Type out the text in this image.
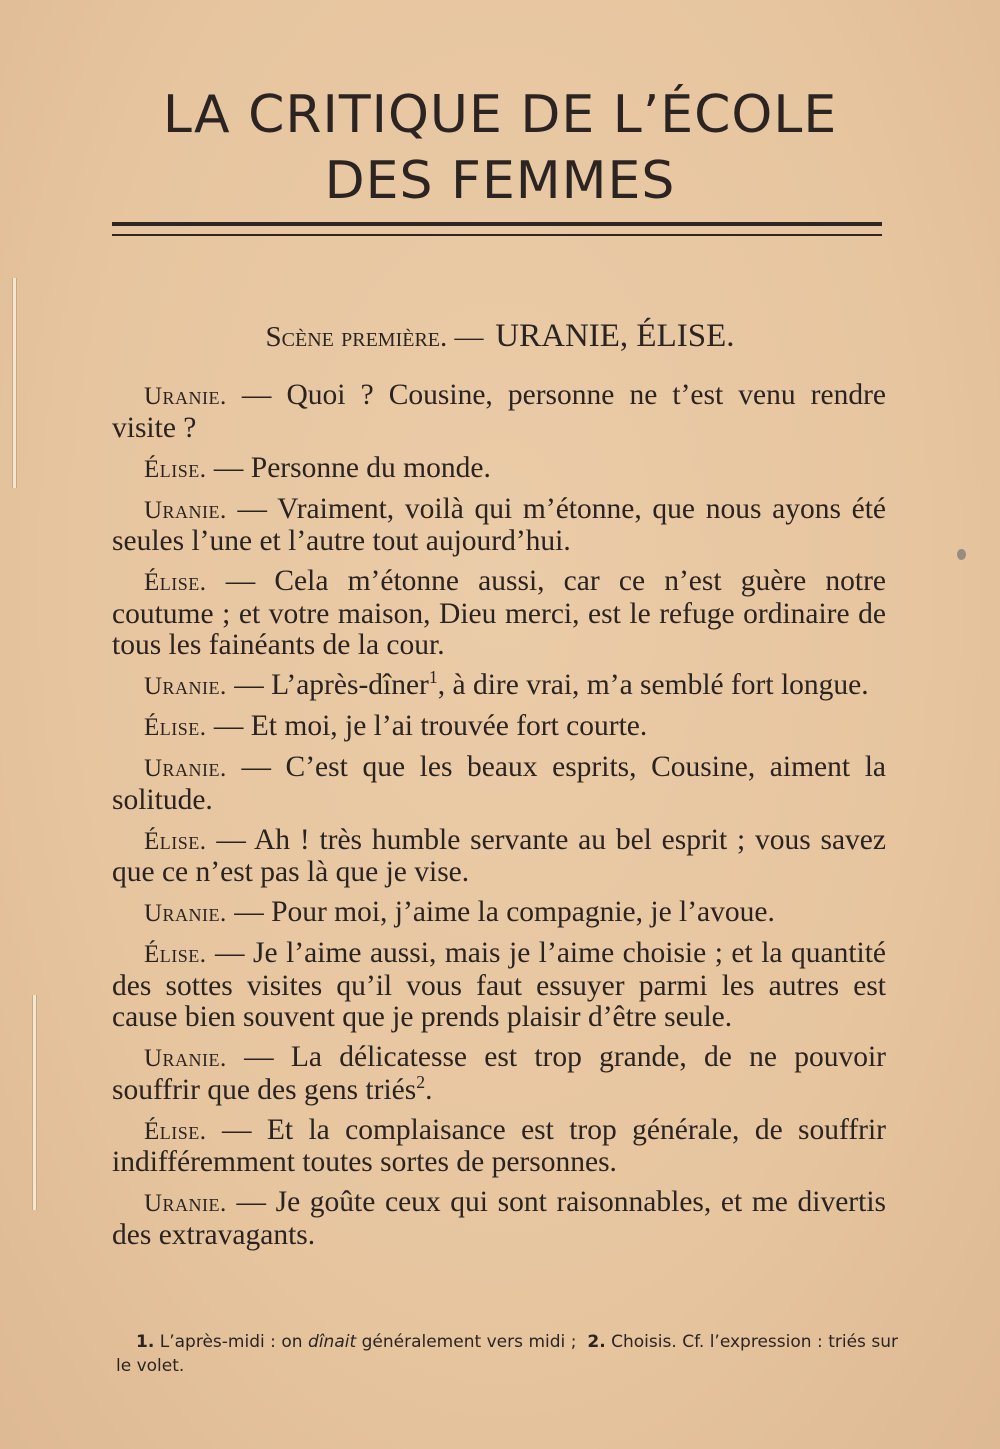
LA CRITIQUE DE L’ÉCOLE
DES FEMMES
Scène première. — URANIE, ÉLISE.

Uranie. — Quoi ? Cousine, personne ne t’est venu rendre visite ?

Élise. — Personne du monde.

Uranie. — Vraiment, voilà qui m’étonne, que nous ayons été seules l’une et l’autre tout aujourd’hui.

Élise. — Cela m’étonne aussi, car ce n’est guère notre coutume ; et votre maison, Dieu merci, est le refuge ordinaire de tous les fainéants de la cour.

Uranie. — L’après-dîner$^1$, à dire vrai, m’a semblé fort longue.

Élise. — Et moi, je l’ai trouvée fort courte.

Uranie. — C’est que les beaux esprits, Cousine, aiment la solitude.

Élise. — Ah ! très humble servante au bel esprit ; vous savez que ce n’est pas là que je vise.

Uranie. — Pour moi, j’aime la compagnie, je l’avoue.

Élise. — Je l’aime aussi, mais je l’aime choisie ; et la quantité des sottes visites qu’il vous faut essuyer parmi les autres est cause bien souvent que je prends plaisir d’être seule.

Uranie. — La délicatesse est trop grande, de ne pouvoir souffrir que des gens triés$^2$.

Élise. — Et la complaisance est trop générale, de souffrir indifféremment toutes sortes de personnes.

Uranie. — Je goûte ceux qui sont raisonnables, et me divertis des extravagants.

1. L’après-midi : on dînait généralement vers midi ; 2. Choisis. Cf. l’expression : triés sur le volet.
